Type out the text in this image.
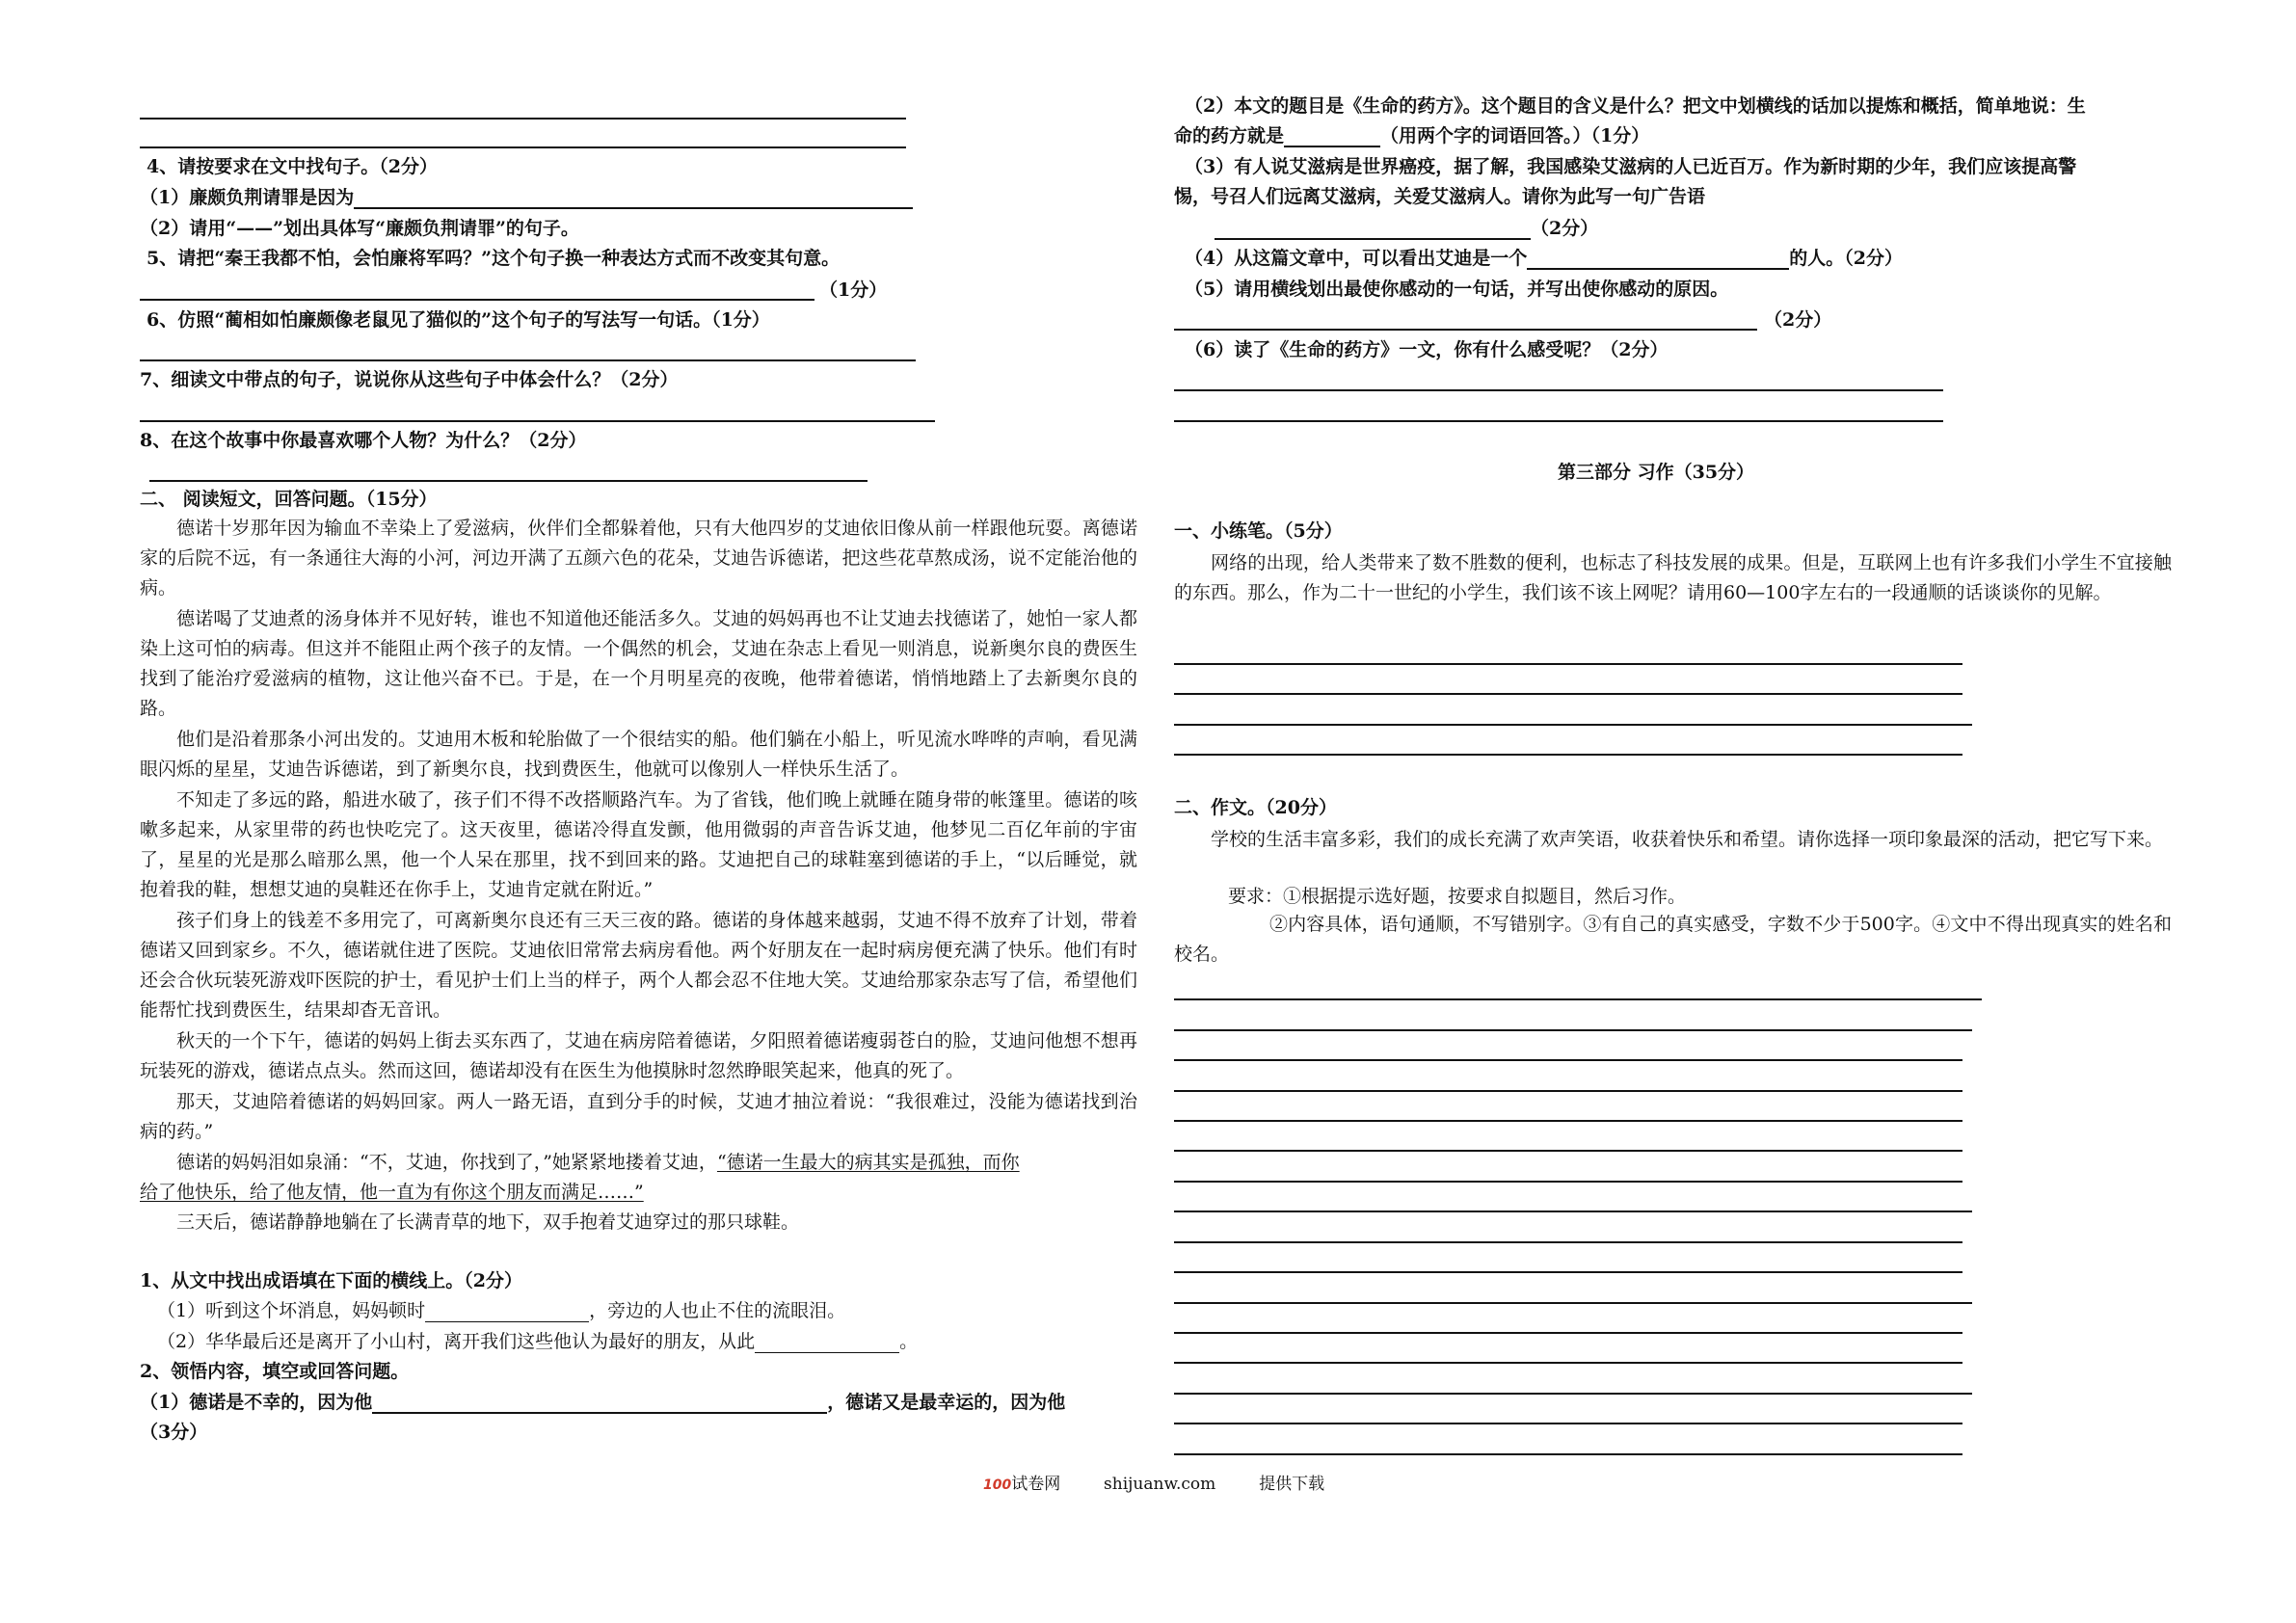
4、请按要求在文中找句子。（2分）
（1）廉颇负荆请罪是因为
（2）请用“——”划出具体写“廉颇负荆请罪”的句子。
5、请把“秦王我都不怕，会怕廉将军吗？”这个句子换一种表达方式而不改变其句意。
（1分）
6、仿照“蔺相如怕廉颇像老鼠见了猫似的”这个句子的写法写一句话。（1分）
7、细读文中带点的句子，说说你从这些句子中体会什么？（2分）
8、在这个故事中你最喜欢哪个人物？为什么？（2分）
二、 阅读短文，回答问题。（15分）
德诺十岁那年因为输血不幸染上了爱滋病，伙伴们全都躲着他，只有大他四岁的艾迪依旧像从前一样跟他玩耍。离德诺家的后院不远，有一条通往大海的小河，河边开满了五颜六色的花朵，艾迪告诉德诺，把这些花草熬成汤，说不定能治他的病。
德诺喝了艾迪煮的汤身体并不见好转，谁也不知道他还能活多久。艾迪的妈妈再也不让艾迪去找德诺了，她怕一家人都染上这可怕的病毒。但这并不能阻止两个孩子的友情。一个偶然的机会，艾迪在杂志上看见一则消息，说新奥尔良的费医生找到了能治疗爱滋病的植物，这让他兴奋不已。于是，在一个月明星亮的夜晚，他带着德诺，悄悄地踏上了去新奥尔良的路。
他们是沿着那条小河出发的。艾迪用木板和轮胎做了一个很结实的船。他们躺在小船上，听见流水哗哗的声响，看见满眼闪烁的星星，艾迪告诉德诺，到了新奥尔良，找到费医生，他就可以像别人一样快乐生活了。
不知走了多远的路，船进水破了，孩子们不得不改搭顺路汽车。为了省钱，他们晚上就睡在随身带的帐篷里。德诺的咳嗽多起来，从家里带的药也快吃完了。这天夜里，德诺冷得直发颤，他用微弱的声音告诉艾迪，他梦见二百亿年前的宇宙了，星星的光是那么暗那么黑，他一个人呆在那里，找不到回来的路。艾迪把自己的球鞋塞到德诺的手上，“以后睡觉，就抱着我的鞋，想想艾迪的臭鞋还在你手上，艾迪肯定就在附近。”
孩子们身上的钱差不多用完了，可离新奥尔良还有三天三夜的路。德诺的身体越来越弱，艾迪不得不放弃了计划，带着德诺又回到家乡。不久，德诺就住进了医院。艾迪依旧常常去病房看他。两个好朋友在一起时病房便充满了快乐。他们有时还会合伙玩装死游戏吓医院的护士，看见护士们上当的样子，两个人都会忍不住地大笑。艾迪给那家杂志写了信，希望他们能帮忙找到费医生，结果却杳无音讯。
秋天的一个下午，德诺的妈妈上街去买东西了，艾迪在病房陪着德诺，夕阳照着德诺瘦弱苍白的脸，艾迪问他想不想再玩装死的游戏，德诺点点头。然而这回，德诺却没有在医生为他摸脉时忽然睁眼笑起来，他真的死了。
那天，艾迪陪着德诺的妈妈回家。两人一路无语，直到分手的时候，艾迪才抽泣着说：“我很难过，没能为德诺找到治病的药。”
德诺的妈妈泪如泉涌：“不，艾迪，你找到了，”她紧紧地搂着艾迪，“德诺一生最大的病其实是孤独，而你
给了他快乐，给了他友情，他一直为有你这个朋友而满足……”
三天后，德诺静静地躺在了长满青草的地下，双手抱着艾迪穿过的那只球鞋。
1、从文中找出成语填在下面的横线上。（2分）
（1）听到这个坏消息，妈妈顿时	，旁边的人也止不住的流眼泪。
（2）华华最后还是离开了小山村，离开我们这些他认为最好的朋友，从此	。
2、领悟内容，填空或回答问题。
（1）德诺是不幸的，因为他	，德诺又是最幸运的，因为他
（3分）
（2）本文的题目是《生命的药方》。这个题目的含义是什么？把文中划横线的话加以提炼和概括，简单地说：生
命的药方就是	（用两个字的词语回答。）（1分）
（3）有人说艾滋病是世界癌疫，据了解，我国感染艾滋病的人已近百万。作为新时期的少年，我们应该提高警
惕，号召人们远离艾滋病，关爱艾滋病人。请你为此写一句广告语
（2分）
（4）从这篇文章中，可以看出艾迪是一个	的人。（2分）
（5）请用横线划出最使你感动的一句话，并写出使你感动的原因。
（2分）
（6）读了《生命的药方》一文，你有什么感受呢？（2分）
第三部分 习作（35分）
一、小练笔。（5分）
网络的出现，给人类带来了数不胜数的便利，也标志了科技发展的成果。但是，互联网上也有许多我们小学生不宜接触的东西。那么，作为二十一世纪的小学生，我们该不该上网呢？请用60—100字左右的一段通顺的话谈谈你的见解。
二、作文。（20分）
学校的生活丰富多彩，我们的成长充满了欢声笑语，收获着快乐和希望。请你选择一项印象最深的活动，把它写下来。
要求：①根据提示选好题，按要求自拟题目，然后习作。
②内容具体，语句通顺，不写错别字。③有自己的真实感受，字数不少于500字。④文中不得出现真实的姓名和校名。
100试卷网	shijuanw.com	提供下载
